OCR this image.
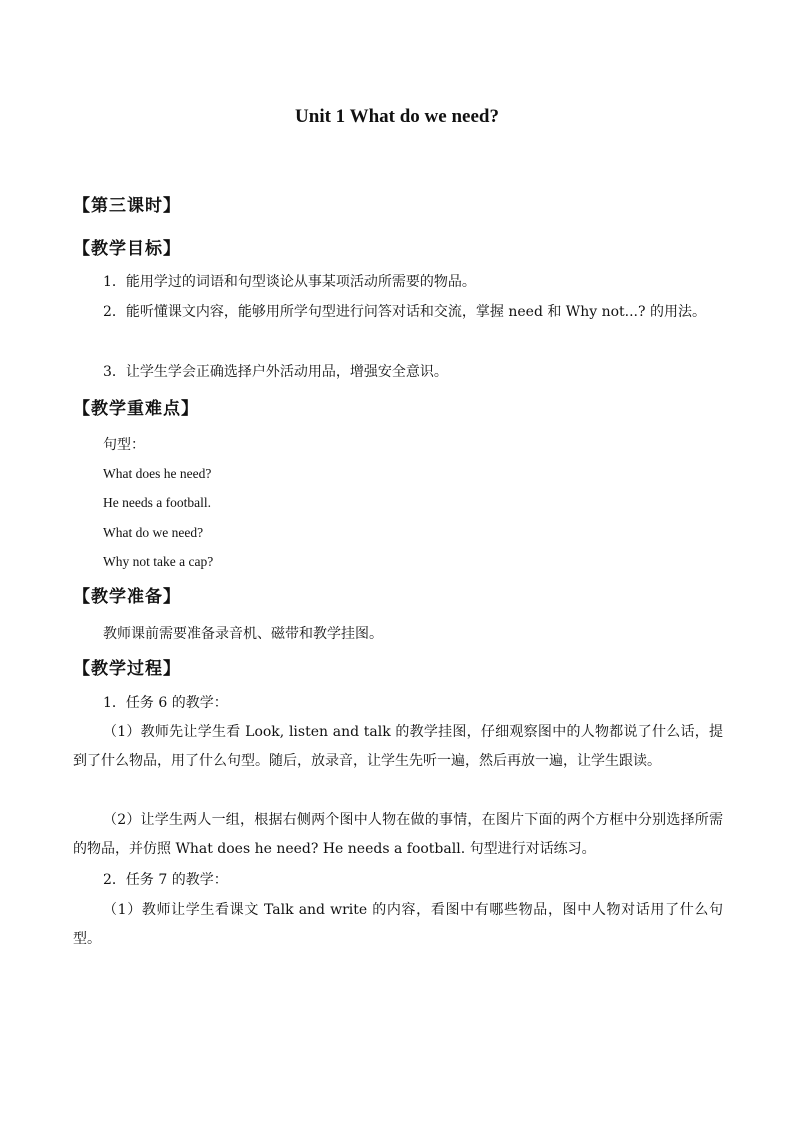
Unit 1 What do we need?
【第三课时】
【教学目标】
1．能用学过的词语和句型谈论从事某项活动所需要的物品。
2．能听懂课文内容，能够用所学句型进行问答对话和交流，掌握 need 和 Why not...? 的用法。
3．让学生学会正确选择户外活动用品，增强安全意识。
【教学重难点】
句型：
What does he need?
He needs a football.
What do we need?
Why not take a cap?
【教学准备】
教师课前需要准备录音机、磁带和教学挂图。
【教学过程】
1．任务 6 的教学：
（1）教师先让学生看 Look, listen and talk 的教学挂图，仔细观察图中的人物都说了什么话，提到了什么物品，用了什么句型。随后，放录音，让学生先听一遍，然后再放一遍，让学生跟读。
（2）让学生两人一组，根据右侧两个图中人物在做的事情，在图片下面的两个方框中分别选择所需的物品，并仿照 What does he need? He needs a football. 句型进行对话练习。
2．任务 7 的教学：
（1）教师让学生看课文 Talk and write 的内容，看图中有哪些物品，图中人物对话用了什么句型。
